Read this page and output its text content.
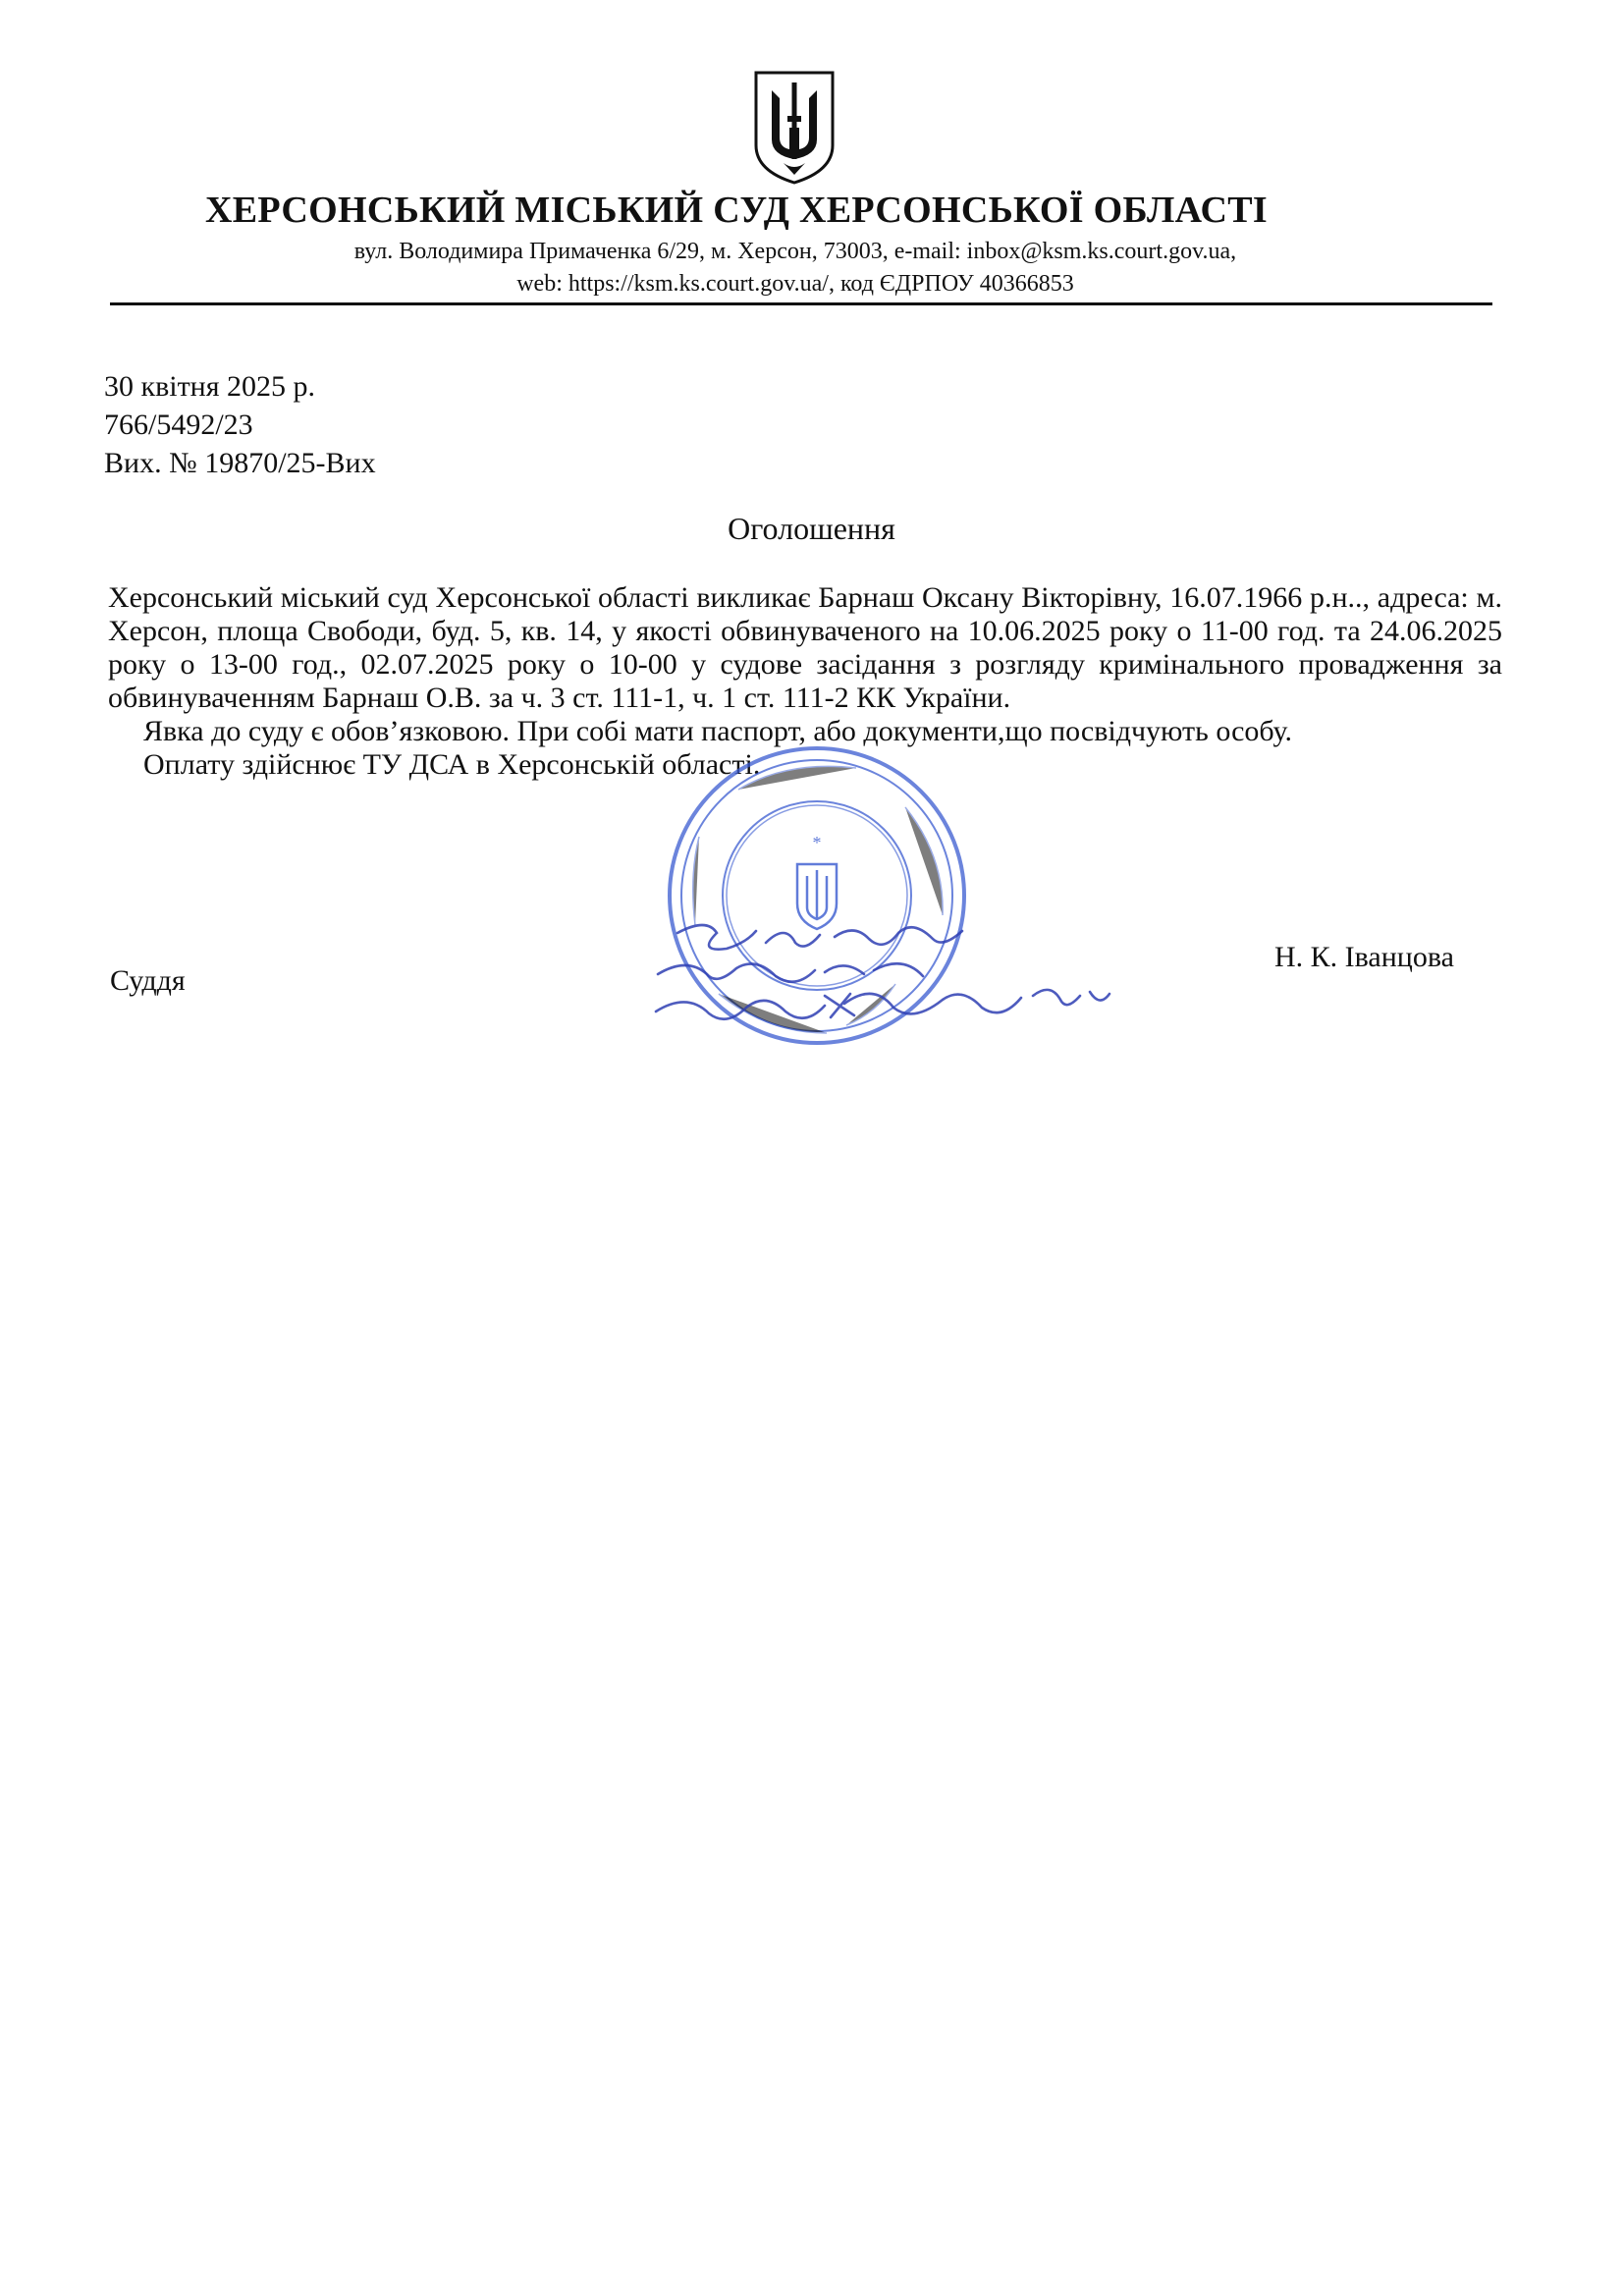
ХЕРСОНСЬКИЙ МІСЬКИЙ СУД ХЕРСОНСЬКОЇ ОБЛАСТІ
вул. Володимира Примаченка 6/29, м. Херсон, 73003, e-mail: inbox@ksm.ks.court.gov.ua,
web: https://ksm.ks.court.gov.ua/, код ЄДРПОУ 40366853
30 квітня 2025 р.
766/5492/23
Вих. № 19870/25-Вих
Оголошення

Херсонський міський суд Херсонської області викликає Барнаш Оксану Вікторівну, 16.07.1966 р.н.., адреса: м. Херсон, площа Свободи, буд. 5, кв. 14, у якості обвинуваченого на 10.06.2025 року о 11-00 год. та 24.06.2025 року о 13-00 год., 02.07.2025 року о 10-00 у судове засідання з розгляду кримінального провадження за обвинуваченням Барнаш О.В. за ч. 3 ст. 111-1, ч. 1 ст. 111-2 КК України.

Явка до суду є обов’язковою. При собі мати паспорт, або документи,що посвідчують особу.

Оплату здійснює ТУ ДСА в Херсонській області.

*
Суддя
Н. К. Іванцова
